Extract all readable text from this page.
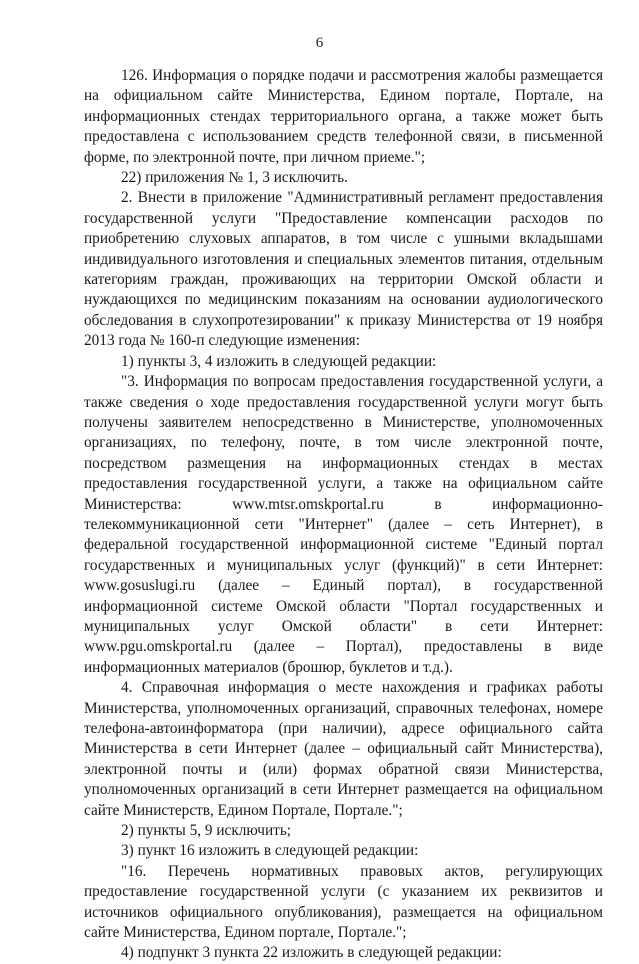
6

126. Информация о порядке подачи и рассмотрения жалобы размещается на официальном сайте Министерства, Едином портале, Портале, на информационных стендах территориального органа, а также может быть предоставлена с использованием средств телефонной связи, в письменной форме, по электронной почте, при личном приеме.";

22) приложения № 1, 3 исключить.

2. Внести в приложение "Административный регламент предоставления государственной услуги "Предоставление компенсации расходов по приобретению слуховых аппаратов, в том числе с ушными вкладышами индивидуального изготовления и специальных элементов питания, отдельным категориям граждан, проживающих на территории Омской области и нуждающихся по медицинским показаниям на основании аудиологического обследования в слухопротезировании" к приказу Министерства от 19 ноября 2013 года № 160-п следующие изменения:

1) пункты 3, 4 изложить в следующей редакции:

"3. Информация по вопросам предоставления государственной услуги, а также сведения о ходе предоставления государственной услуги могут быть получены заявителем непосредственно в Министерстве, уполномоченных организациях, по телефону, почте, в том числе электронной почте, посредством размещения на информационных стендах в местах предоставления государственной услуги, а также на официальном сайте Министерства: www.mtsr.omskportal.ru в информационно-телекоммуникационной сети "Интернет" (далее – сеть Интернет), в федеральной государственной информационной системе "Единый портал государственных и муниципальных услуг (функций)" в сети Интернет: www.gosuslugi.ru (далее – Единый портал), в государственной информационной системе Омской области "Портал государственных и муниципальных услуг Омской области" в сети Интернет: www.pgu.omskportal.ru (далее – Портал), предоставлены в виде информационных материалов (брошюр, буклетов и т.д.).

4. Справочная информация о месте нахождения и графиках работы Министерства, уполномоченных организаций, справочных телефонах, номере телефона-автоинформатора (при наличии), адресе официального сайта Министерства в сети Интернет (далее – официальный сайт Министерства), электронной почты и (или) формах обратной связи Министерства, уполномоченных организаций в сети Интернет размещается на официальном сайте Министерств, Едином Портале, Портале.";

2) пункты 5, 9 исключить;

3) пункт 16 изложить в следующей редакции:

"16. Перечень нормативных правовых актов, регулирующих предоставление государственной услуги (с указанием их реквизитов и источников официального опубликования), размещается на официальном сайте Министерства, Едином портале, Портале.";

4) подпункт 3 пункта 22 изложить в следующей редакции:
